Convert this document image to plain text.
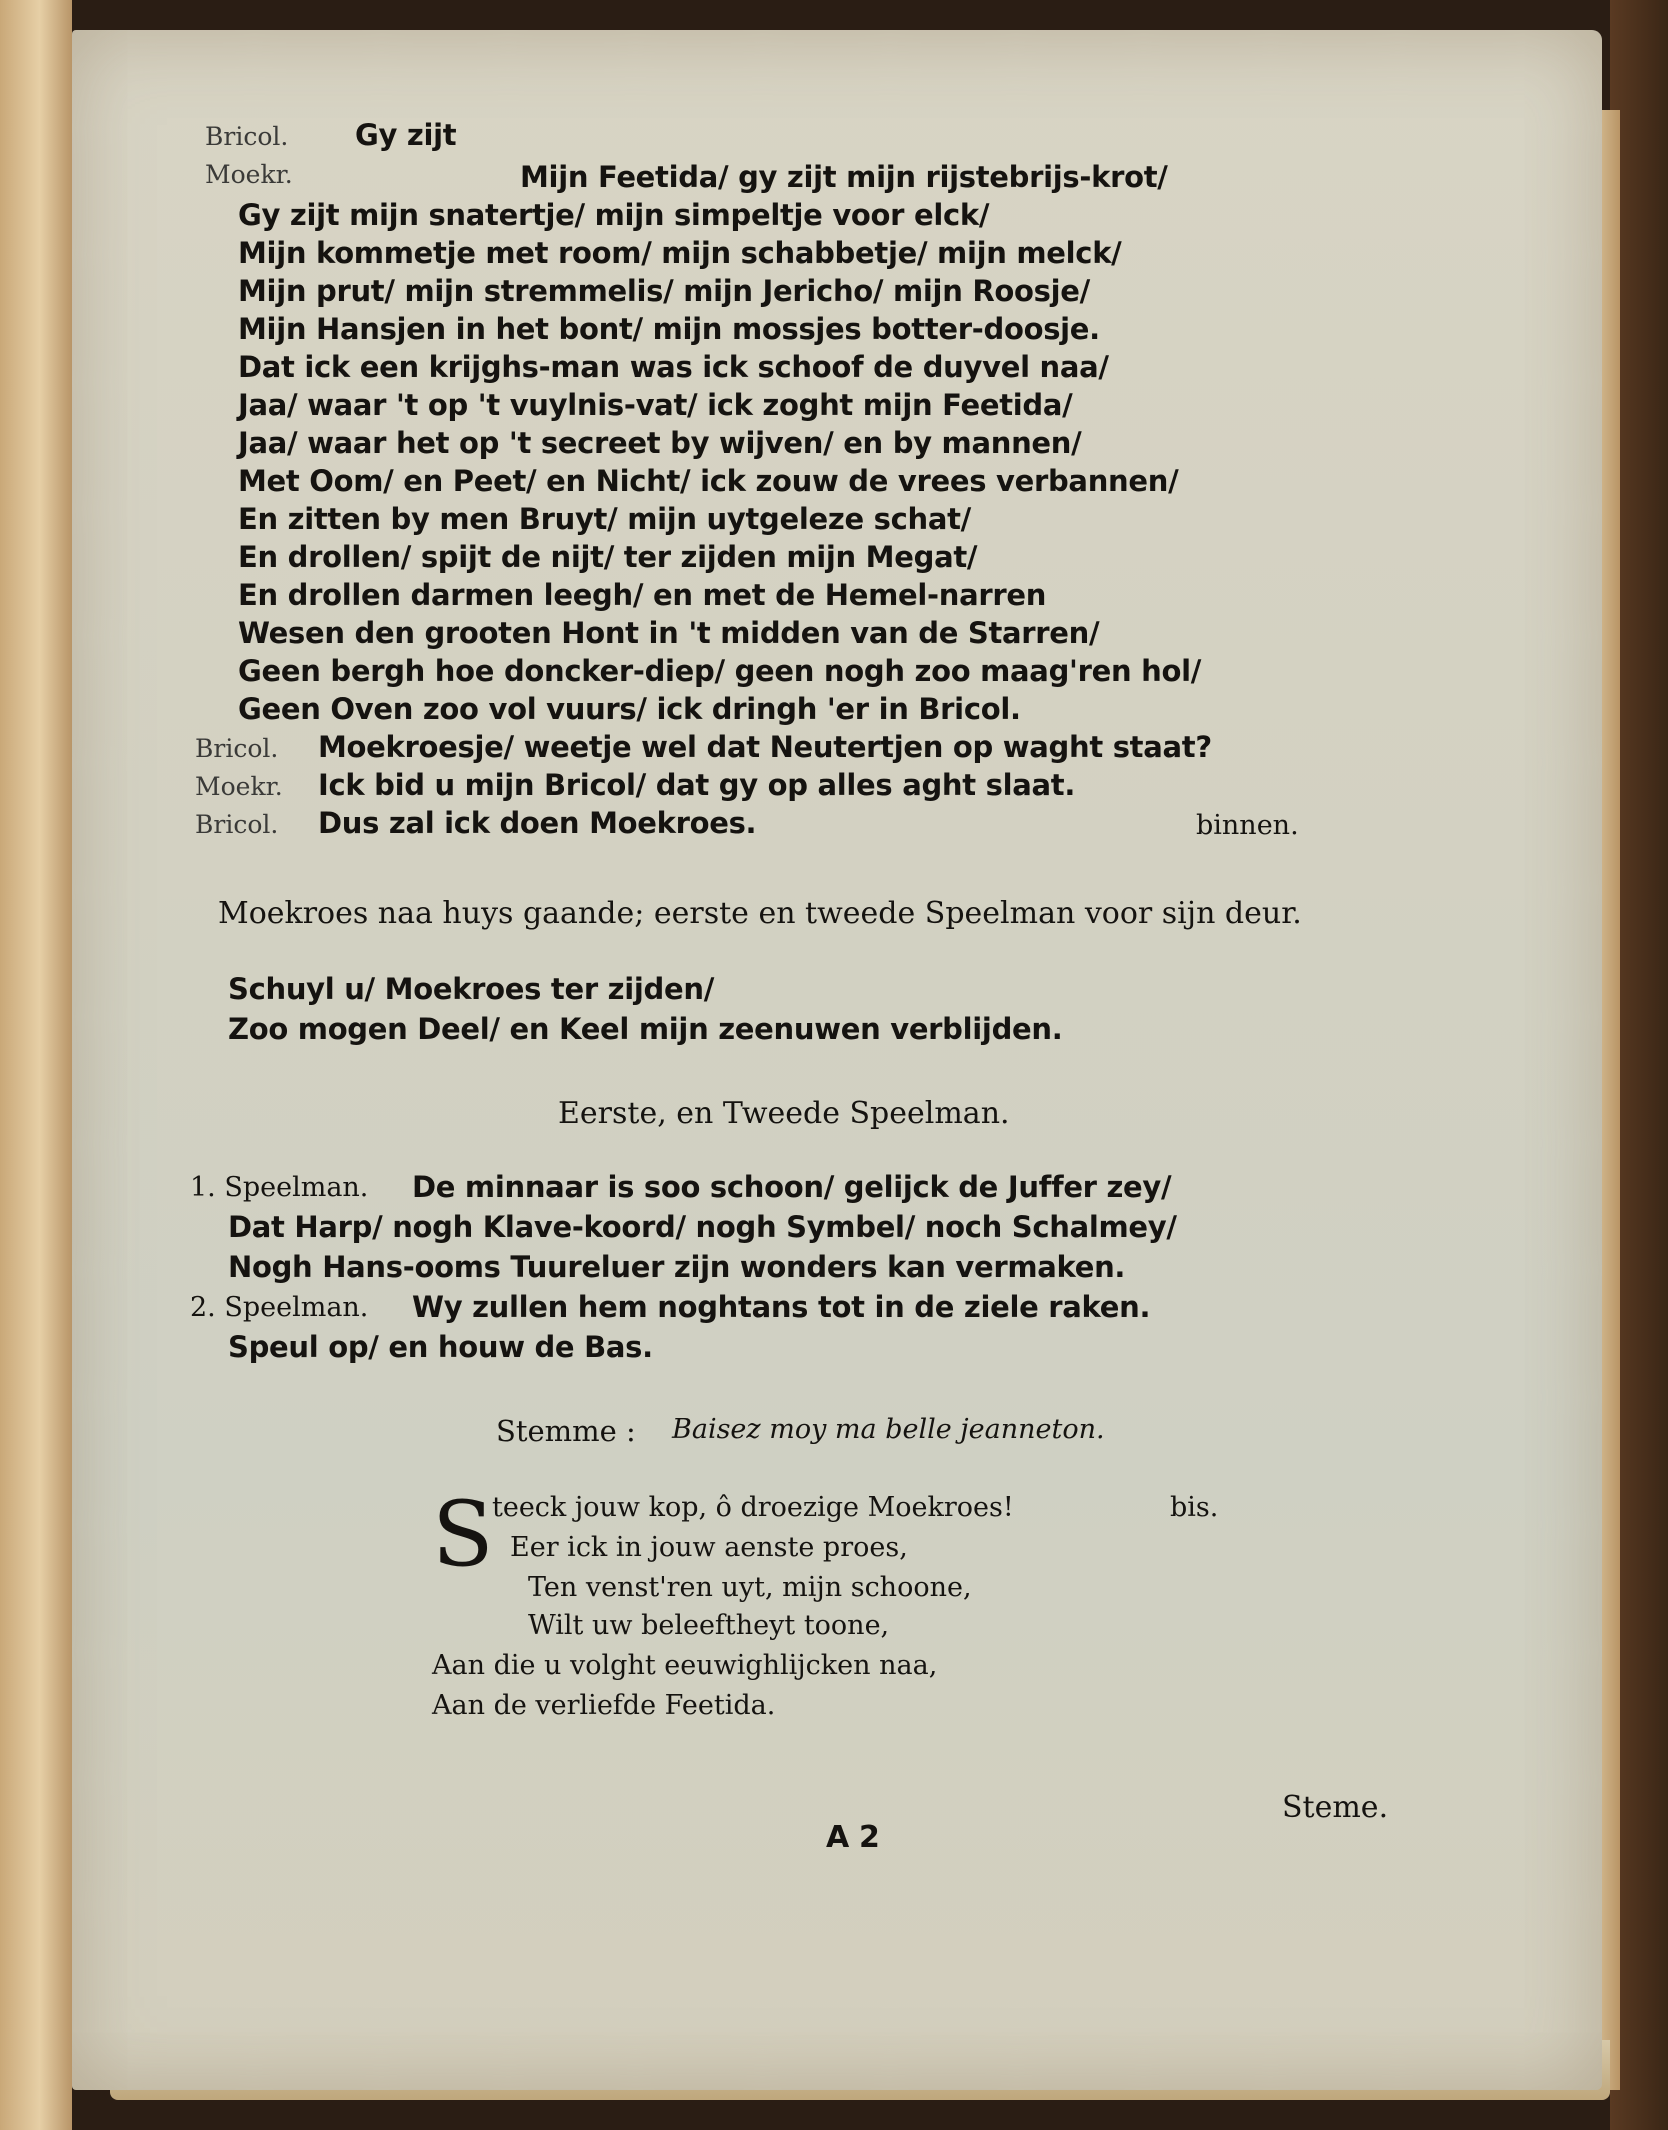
Bricol. Gy zijt
Moekr.	Mijn Feetida/ gy zijt mijn rijstebrijs-krot/
Gy zijt mijn snatertje/ mijn simpeltje voor elck/
Mijn kommetje met room/ mijn schabbetje/ mijn melck/
Mijn prut/ mijn stremmelis/ mijn Jericho/ mijn Roosje/
Mijn Hansjen in het bont/ mijn mossjes botter-doosje.
Dat ick een krijghs-man was ick schoof de duyvel naa/
Jaa/ waar 't op 't vuylnis-vat/ ick zoght mijn Feetida/
Jaa/ waar het op 't secreet by wijven/ en by mannen/
Met Oom/ en Peet/ en Nicht/ ick zouw de vrees verbannen/
En zitten by men Bruyt/ mijn uytgeleze schat/
En drollen/ spijt de nijt/ ter zijden mijn Megat/
En drollen darmen leegh/ en met de Hemel-narren
Wesen den grooten Hont in 't midden van de Starren/
Geen bergh hoe doncker-diep/ geen nogh zoo maag'ren hol/
Geen Oven zoo vol vuurs/ ick dringh 'er in Bricol.
Bricol. Moekroesje/ weetje wel dat Neutertjen op waght staat?
Moekr. Ick bid u mijn Bricol/ dat gy op alles aght slaat.
Bricol. Dus zal ick doen Moekroes.	binnen.
Moekroes naa huys gaande; eerste en tweede Speelman voor sijn deur.
Schuyl u/ Moekroes ter zijden/
Zoo mogen Deel/ en Keel mijn zeenuwen verblijden.
Eerste, en Tweede Speelman.
1. Speelman. De minnaar is soo schoon/ gelijck de Juffer zey/
Dat Harp/ nogh Klave-koord/ nogh Symbel/ noch Schalmey/
Nogh Hans-ooms Tuureluer zijn wonders kan vermaken.
2. Speelman. Wy zullen hem noghtans tot in de ziele raken.
Speul op/ en houw de Bas.
Stemme : Baisez moy ma belle jeanneton.
S
teeck jouw kop, ô droezige Moekroes!
Eer ick in jouw aenste proes,
Ten venst'ren uyt, mijn schoone,
Wilt uw beleeftheyt toone,
Aan die u volght eeuwighlijcken naa,
Aan de verliefde Feetida.
bis.
A 2
Steme.
